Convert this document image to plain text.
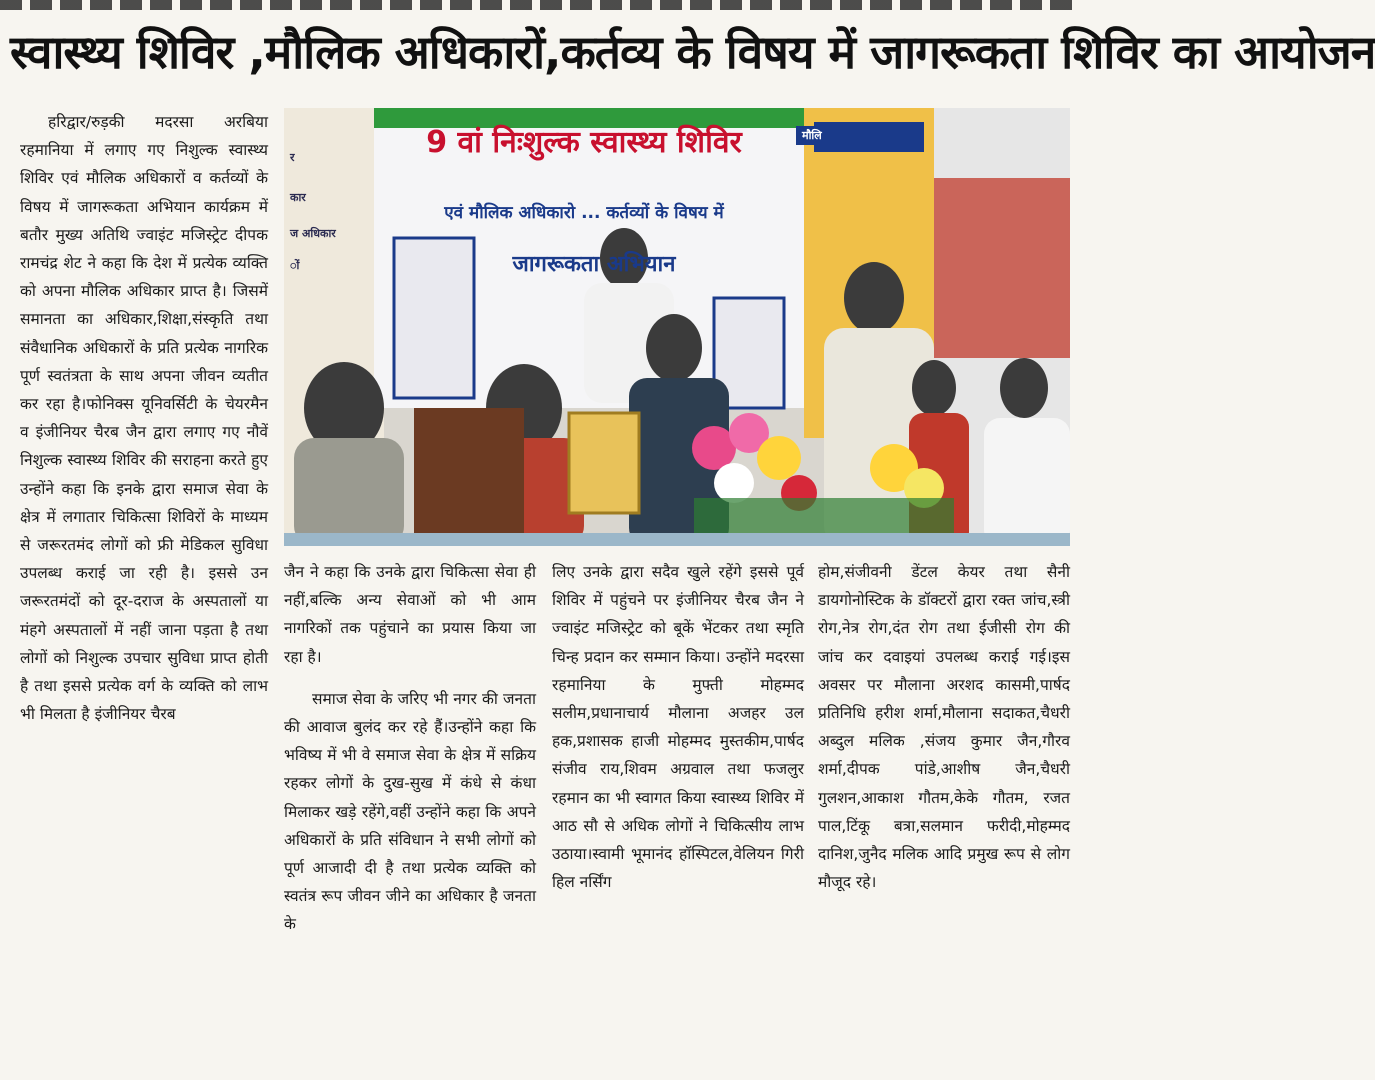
स्वास्थ्य शिविर ,मौलिक अधिकारों,कर्तव्य के विषय में जागरूकता शिविर का आयोजन

हरिद्वार/रुड़की मदरसा अरबिया रहमानिया में लगाए गए निशुल्क स्वास्थ्य शिविर एवं मौलिक अधिकारों व कर्तव्यों के विषय में जागरूकता अभियान कार्यक्रम में बतौर मुख्य अतिथि ज्वाइंट मजिस्ट्रेट दीपक रामचंद्र शेट ने कहा कि देश में प्रत्येक व्यक्ति को अपना मौलिक अधिकार प्राप्त है। जिसमें समानता का अधिकार,शिक्षा,संस्कृति तथा संवैधानिक अधिकारों के प्रति प्रत्येक नागरिक पूर्ण स्वतंत्रता के साथ अपना जीवन व्यतीत कर रहा है।फोनिक्स यूनिवर्सिटी के चेयरमैन व इंजीनियर चैरब जैन द्वारा लगाए गए नौवें निशुल्क स्वास्थ्य शिविर की सराहना करते हुए उन्होंने कहा कि इनके द्वारा समाज सेवा के क्षेत्र में लगातार चिकित्सा शिविरों के माध्यम से जरूरतमंद लोगों को फ्री मेडिकल सुविधा उपलब्ध कराई जा रही है। इससे उन जरूरतमंदों को दूर-दराज के अस्पतालों या मंहगे अस्पतालों में नहीं जाना पड़ता है तथा लोगों को निशुल्क उपचार सुविधा प्राप्त होती है तथा इससे प्रत्येक वर्ग के व्यक्ति को लाभ भी मिलता है इंजीनियर चैरब

9 वां निःशुल्क स्वास्थ्य शिविर
एवं मौलिक अधिकारो ... कर्तव्यों के विषय में
जागरूकता अभियान
र
कार
ज अधिकार
ों
मौलि

जैन ने कहा कि उनके द्वारा चिकित्सा सेवा ही नहीं,बल्कि अन्य सेवाओं को भी आम नागरिकों तक पहुंचाने का प्रयास किया जा रहा है।

समाज सेवा के जरिए भी नगर की जनता की आवाज बुलंद कर रहे हैं।उन्होंने कहा कि भविष्य में भी वे समाज सेवा के क्षेत्र में सक्रिय रहकर लोगों के दुख-सुख में कंधे से कंधा मिलाकर खड़े रहेंगे,वहीं उन्होंने कहा कि अपने अधिकारों के प्रति संविधान ने सभी लोगों को पूर्ण आजादी दी है तथा प्रत्येक व्यक्ति को स्वतंत्र रूप जीवन जीने का अधिकार है जनता के

लिए उनके द्वारा सदैव खुले रहेंगे इससे पूर्व शिविर में पहुंचने पर इंजीनियर चैरब जैन ने ज्वाइंट मजिस्ट्रेट को बूकें भेंटकर तथा स्मृति चिन्ह प्रदान कर सम्मान किया। उन्होंने मदरसा रहमानिया के मुफ्ती मोहम्मद सलीम,प्रधानाचार्य मौलाना अजहर उल हक,प्रशासक हाजी मोहम्मद मुस्तकीम,पार्षद संजीव राय,शिवम अग्रवाल तथा फजलुर रहमान का भी स्वागत किया स्वास्थ्य शिविर में आठ सौ से अधिक लोगों ने चिकित्सीय लाभ उठाया।स्वामी भूमानंद हॉस्पिटल,वेलियन गिरी हिल नर्सिंग

होम,संजीवनी डेंटल केयर तथा सैनी डायगोनोस्टिक के डॉक्टरों द्वारा रक्त जांच,स्त्री रोग,नेत्र रोग,दंत रोग तथा ईजीसी रोग की जांच कर दवाइयां उपलब्ध कराई गई।इस अवसर पर मौलाना अरशद कासमी,पार्षद प्रतिनिधि हरीश शर्मा,मौलाना सदाकत,चैधरी अब्दुल मलिक ,संजय कुमार जैन,गौरव शर्मा,दीपक पांडे,आशीष जैन,चैधरी गुलशन,आकाश गौतम,केके गौतम, रजत पाल,टिंकू बत्रा,सलमान फरीदी,मोहम्मद दानिश,जुनैद मलिक आदि प्रमुख रूप से लोग मौजूद रहे।
